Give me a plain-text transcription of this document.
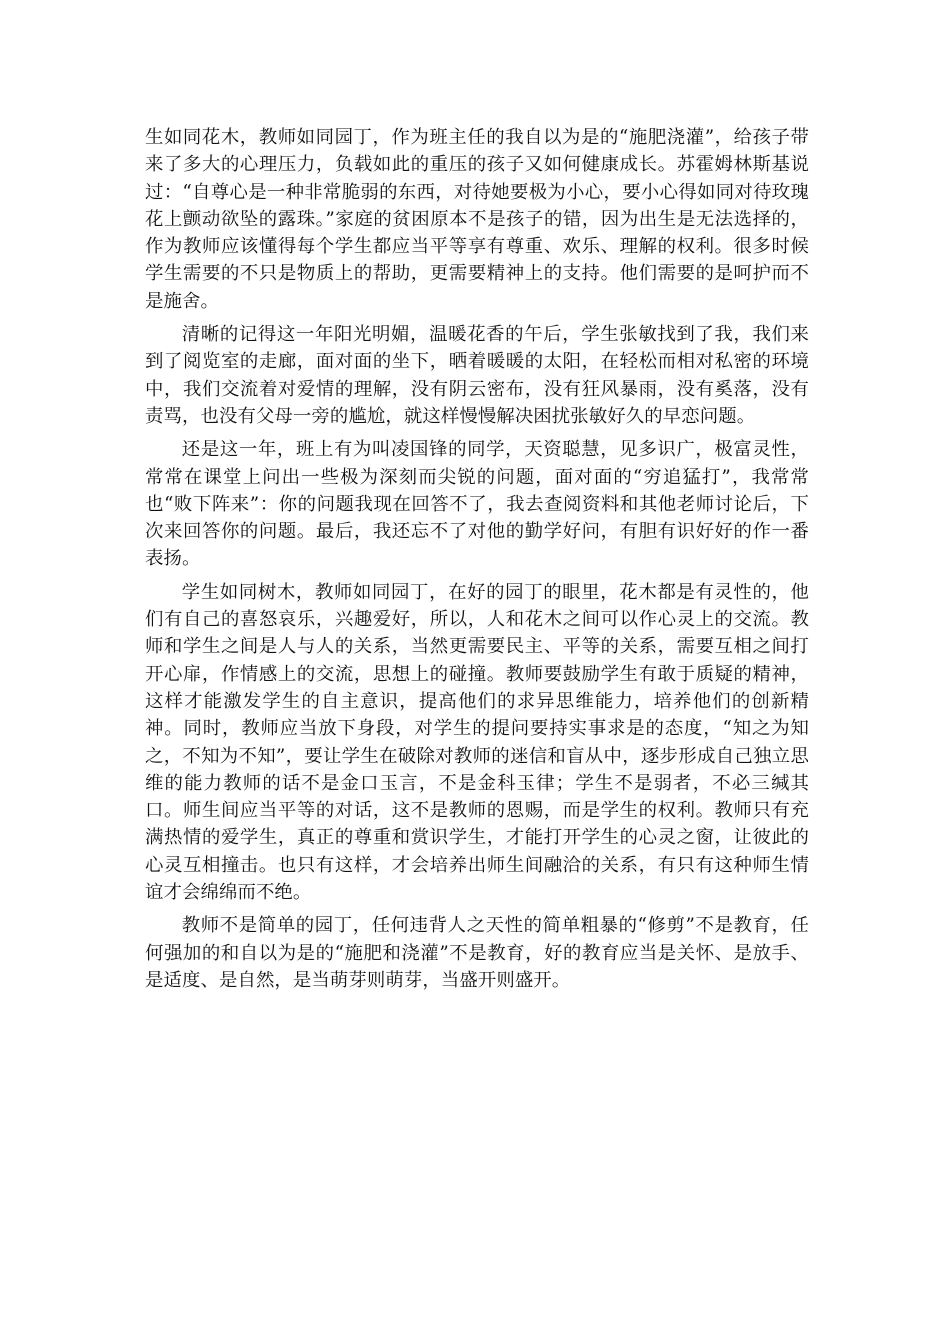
生如同花木，教师如同园丁，作为班主任的我自以为是的“施肥浇灌”，给孩子带来了多大的心理压力，负载如此的重压的孩子又如何健康成长。苏霍姆林斯基说过：“自尊心是一种非常脆弱的东西，对待她要极为小心，要小心得如同对待玫瑰花上颤动欲坠的露珠。”家庭的贫困原本不是孩子的错，因为出生是无法选择的，作为教师应该懂得每个学生都应当平等享有尊重、欢乐、理解的权利。很多时候学生需要的不只是物质上的帮助，更需要精神上的支持。他们需要的是呵护而不是施舍。

清晰的记得这一年阳光明媚，温暖花香的午后，学生张敏找到了我，我们来到了阅览室的走廊，面对面的坐下，晒着暖暖的太阳，在轻松而相对私密的环境中，我们交流着对爱情的理解，没有阴云密布，没有狂风暴雨，没有奚落，没有责骂，也没有父母一旁的尴尬，就这样慢慢解决困扰张敏好久的早恋问题。

还是这一年，班上有为叫凌国锋的同学，天资聪慧，见多识广，极富灵性，常常在课堂上问出一些极为深刻而尖锐的问题，面对面的“穷追猛打”，我常常也“败下阵来”：你的问题我现在回答不了，我去查阅资料和其他老师讨论后，下次来回答你的问题。最后，我还忘不了对他的勤学好问，有胆有识好好的作一番表扬。

学生如同树木，教师如同园丁，在好的园丁的眼里，花木都是有灵性的，他们有自己的喜怒哀乐，兴趣爱好，所以，人和花木之间可以作心灵上的交流。教师和学生之间是人与人的关系，当然更需要民主、平等的关系，需要互相之间打开心扉，作情感上的交流，思想上的碰撞。教师要鼓励学生有敢于质疑的精神，这样才能激发学生的自主意识，提高他们的求异思维能力，培养他们的创新精神。同时，教师应当放下身段，对学生的提问要持实事求是的态度，“知之为知之，不知为不知”，要让学生在破除对教师的迷信和盲从中，逐步形成自己独立思维的能力教师的话不是金口玉言，不是金科玉律；学生不是弱者，不必三缄其口。师生间应当平等的对话，这不是教师的恩赐，而是学生的权利。教师只有充满热情的爱学生，真正的尊重和赏识学生，才能打开学生的心灵之窗，让彼此的心灵互相撞击。也只有这样，才会培养出师生间融洽的关系，有只有这种师生情谊才会绵绵而不绝。

教师不是简单的园丁，任何违背人之天性的简单粗暴的“修剪”不是教育，任何强加的和自以为是的“施肥和浇灌”不是教育，好的教育应当是关怀、是放手、是适度、是自然，是当萌芽则萌芽，当盛开则盛开。
